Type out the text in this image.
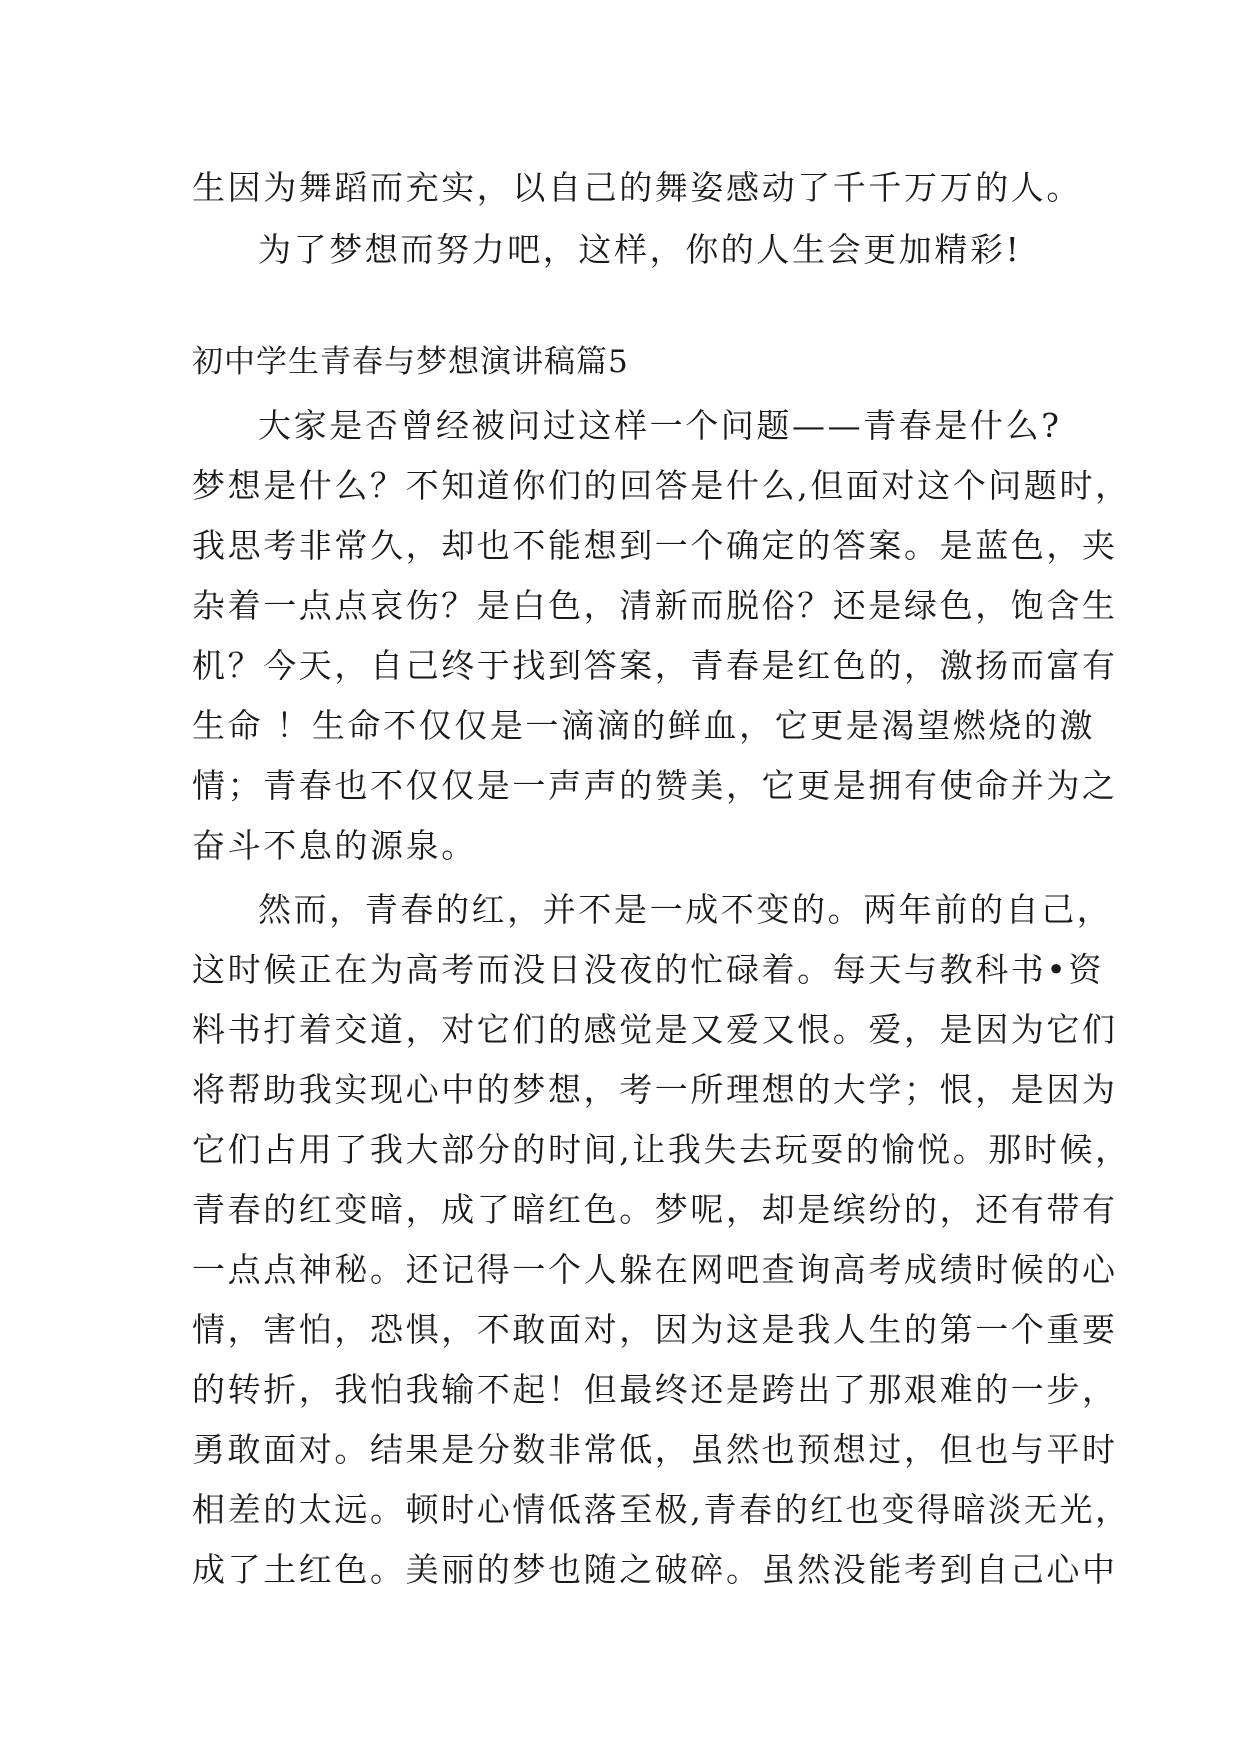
生因为舞蹈而充实，以自己的舞姿感动了千千万万的人。
为了梦想而努力吧，这样，你的人生会更加精彩!
初中学生青春与梦想演讲稿篇5
大家是否曾经被问过这样一个问题——青春是什么?
梦想是什么？不知道你们的回答是什么,但面对这个问题时，
我思考非常久，却也不能想到一个确定的答案。是蓝色，夹
杂着一点点哀伤？是白色，清新而脱俗？还是绿色，饱含生
机？今天，自己终于找到答案，青春是红色的，激扬而富有
生命 ！生命不仅仅是一滴滴的鲜血，它更是渴望燃烧的激
情；青春也不仅仅是一声声的赞美，它更是拥有使命并为之
奋斗不息的源泉。
然而，青春的红，并不是一成不变的。两年前的自己，
这时候正在为高考而没日没夜的忙碌着。每天与教科书•资
料书打着交道，对它们的感觉是又爱又恨。爱，是因为它们
将帮助我实现心中的梦想，考一所理想的大学；恨，是因为
它们占用了我大部分的时间,让我失去玩耍的愉悦。那时候，
青春的红变暗，成了暗红色。梦呢，却是缤纷的，还有带有
一点点神秘。还记得一个人躲在网吧查询高考成绩时候的心
情，害怕，恐惧，不敢面对，因为这是我人生的第一个重要
的转折，我怕我输不起！但最终还是跨出了那艰难的一步，
勇敢面对。结果是分数非常低，虽然也预想过，但也与平时
相差的太远。顿时心情低落至极,青春的红也变得暗淡无光，
成了土红色。美丽的梦也随之破碎。虽然没能考到自己心中
